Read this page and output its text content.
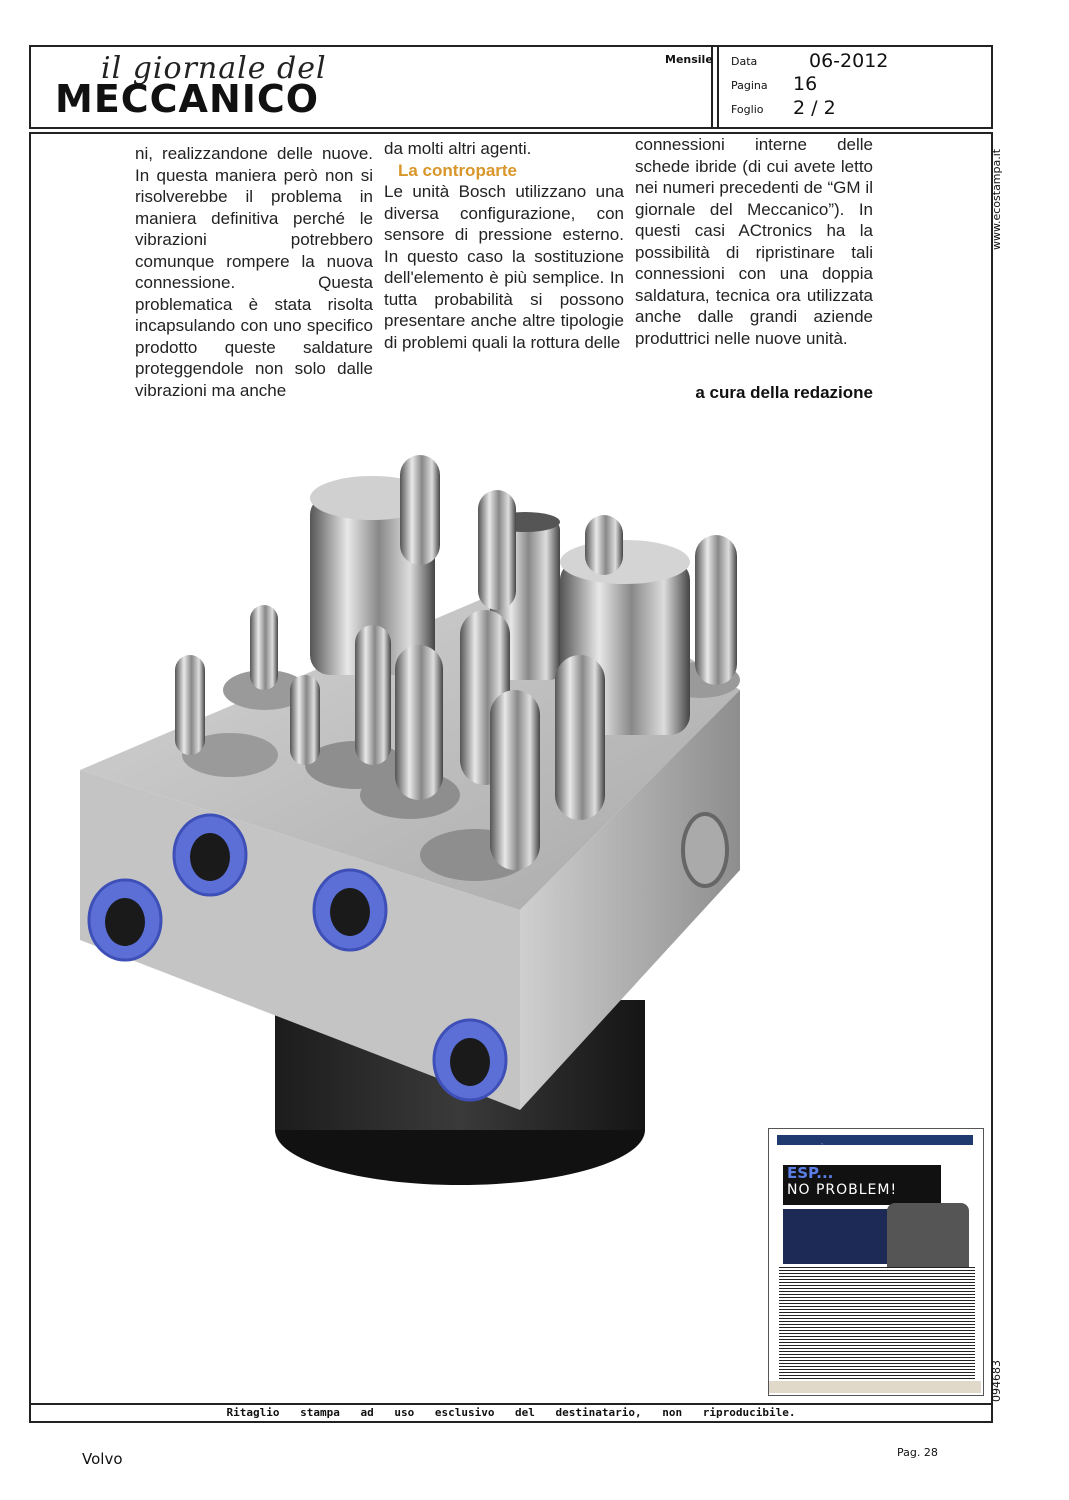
il giornale del
MECCANICO
Mensile Data	06-2012
Pagina 16
Foglio 2 / 2
Ritaglio stampa ad uso esclusivo del destinatario, non riproducibile.

ni, realizzandone delle nuove. In questa maniera però non si risolverebbe il problema in maniera definitiva perché le vibrazioni potrebbero comunque rompere la nuova connessione. Questa problematica è stata risolta incapsulando con uno specifico prodotto queste saldature proteggendole non solo dalle vibrazioni ma anche

da molti altri agenti.

La controparte

Le unità Bosch utilizzano una diversa configurazione, con sensore di pressione esterno. In questo caso la sostituzione dell'elemento è più semplice. In tutta probabilità si possono presentare anche altre tipologie di problemi quali la rottura delle

connessioni interne delle schede ibride (di cui avete letto nei numeri precedenti de “GM il giornale del Meccanico”). In questi casi ACtronics ha la possibilità di ripristinare tali connessioni con una doppia saldatura, tecnica ora utilizzata anche dalle grandi aziende produttrici nelle nuove unità.

a cura della redazione
www.ecostampa.it
094683
ATTUALITÀ
ESP...
NO PROBLEM!
Volvo	Pag. 28
